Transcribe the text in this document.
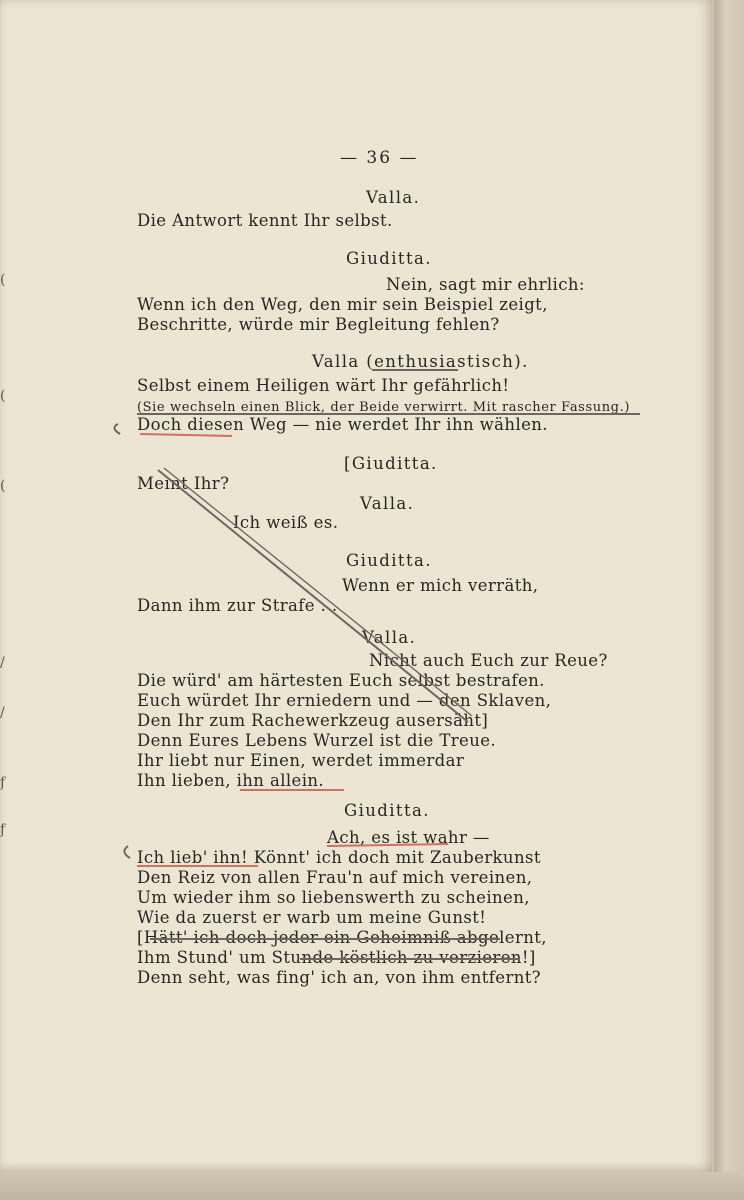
— 36 —
Valla.
Die Antwort kennt Ihr selbst.
Giuditta.
Nein, sagt mir ehrlich:
Wenn ich den Weg, den mir sein Beispiel zeigt,
Beschritte, würde mir Begleitung fehlen?
Valla (enthusiastisch).
Selbst einem Heiligen wärt Ihr gefährlich!
(Sie wechseln einen Blick, der Beide verwirrt. Mit rascher Fassung.)
Doch diesen Weg — nie werdet Ihr ihn wählen.
[Giuditta.
Meint Ihr?
Valla.
Ich weiß es.
Giuditta.
Wenn er mich verräth,
Dann ihm zur Strafe . .
Valla.
Nicht auch Euch zur Reue?
Die würd' am härtesten Euch selbst bestrafen.
Euch würdet Ihr erniedern und — den Sklaven,
Den Ihr zum Rachewerkzeug ausersäht]
Denn Eures Lebens Wurzel ist die Treue.
Ihr liebt nur Einen, werdet immerdar
Ihn lieben, ihn allein.
Giuditta.
Ach, es ist wahr —
Ich lieb' ihn! Könnt' ich doch mit Zauberkunst
Den Reiz von allen Frau'n auf mich vereinen,
Um wieder ihm so liebenswerth zu scheinen,
Wie da zuerst er warb um meine Gunst!
[Hätt' ich doch jeder ein Geheimniß abgelernt,
Ihm Stund' um Stunde köstlich zu verzieren!]
Denn seht, was fing' ich an, von ihm entfernt?
(
(
(
/
/
ƒ
ƒ
